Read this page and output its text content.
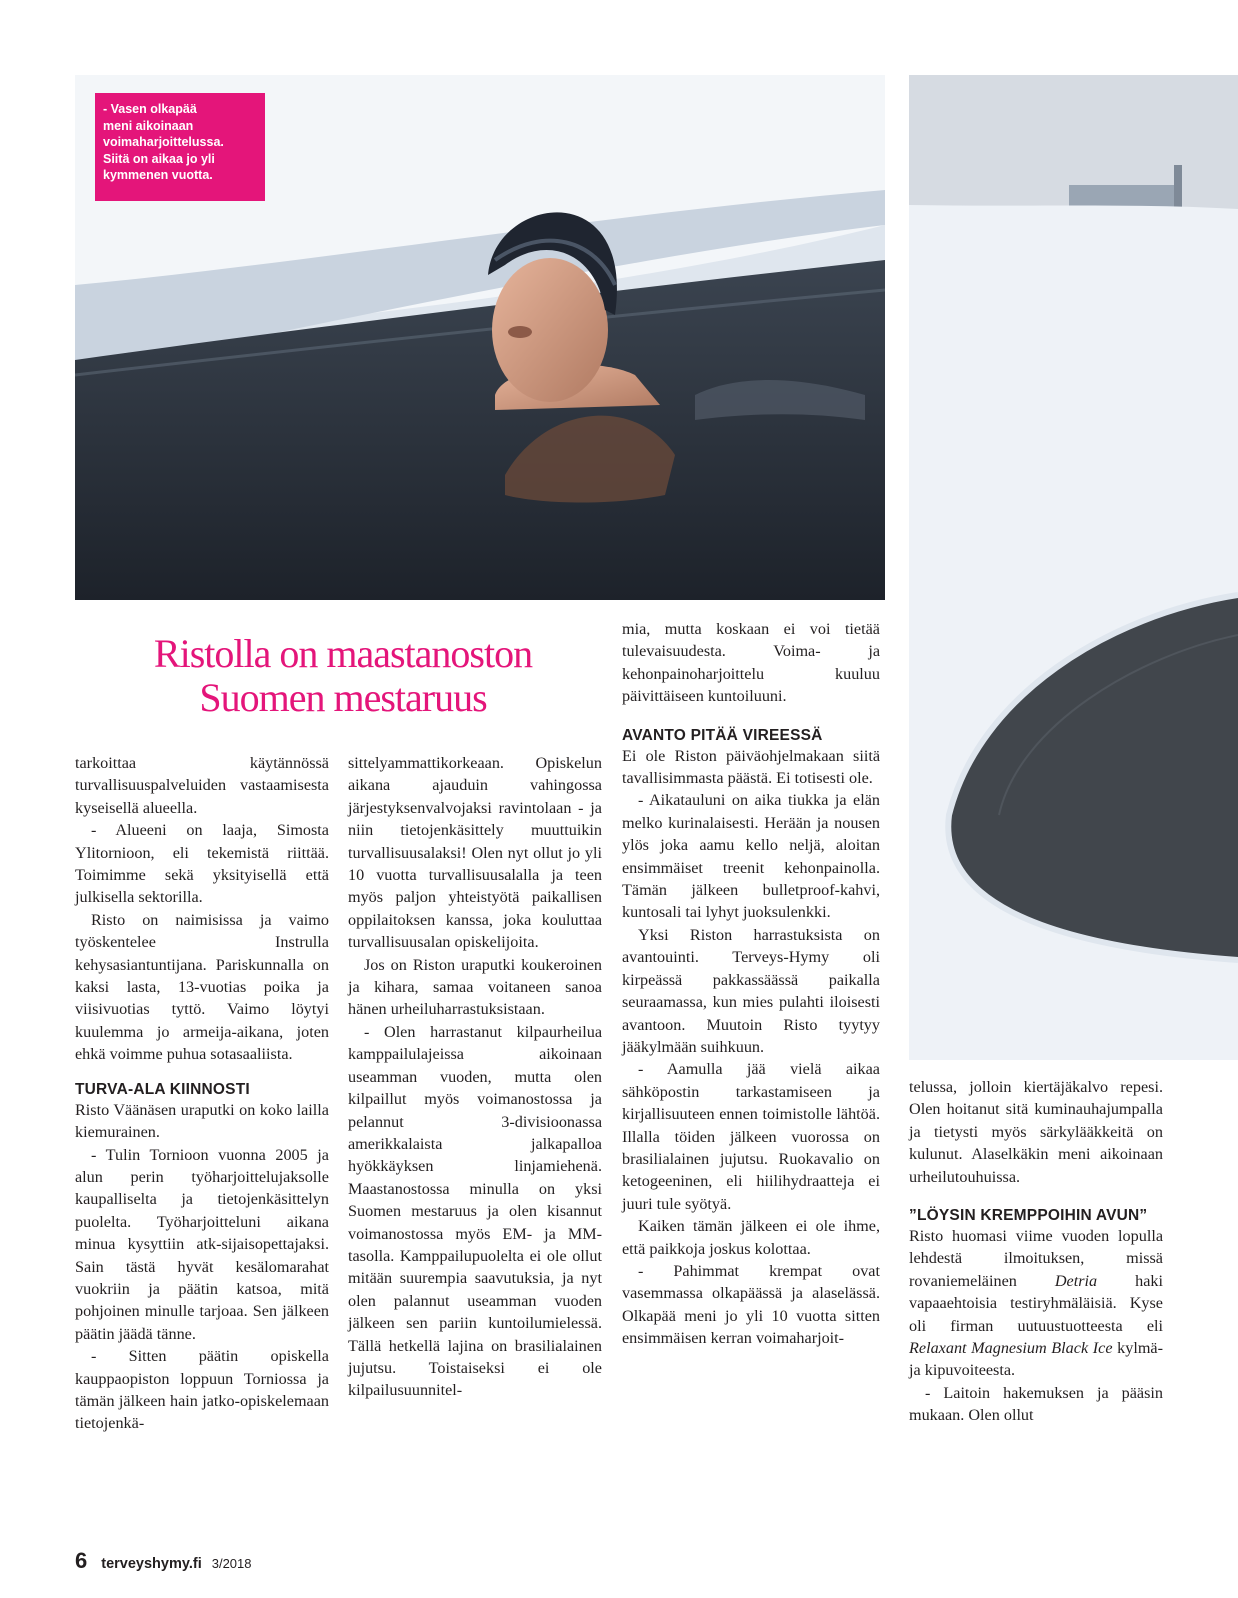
- Vasen olkapää
meni aikoinaan
voimaharjoittelussa.
Siitä on aikaa jo yli
kymmenen vuotta.
Ristolla on maastanoston
Suomen mestaruus

tarkoittaa käytännössä turvallisuuspalveluiden vastaamisesta kyseisellä alueella.

- Alueeni on laaja, Simosta Ylitornioon, eli tekemistä riittää. Toimimme sekä yksityisellä että julkisella sektorilla.

Risto on naimisissa ja vaimo työskentelee Instrulla kehysasiantuntijana. Pariskunnalla on kaksi lasta, 13-vuotias poika ja viisivuotias tyttö. Vaimo löytyi kuulemma jo armeija-aikana, joten ehkä voimme puhua sotasaaliista.

TURVA-ALA KIINNOSTI

Risto Väänäsen uraputki on koko lailla kiemurainen.

- Tulin Tornioon vuonna 2005 ja alun perin työharjoittelujaksolle kaupalliselta ja tietojenkäsittelyn puolelta. Työharjoitteluni aikana minua kysyttiin atk-sijaisopettajaksi. Sain tästä hyvät kesälomarahat vuokriin ja päätin katsoa, mitä pohjoinen minulle tarjoaa. Sen jälkeen päätin jäädä tänne.

- Sitten päätin opiskella kauppaopiston loppuun Torniossa ja tämän jälkeen hain jatko-opiskelemaan tietojenkä-

sittelyammattikorkeaan. Opiskelun aikana ajauduin vahingossa järjestyksenvalvojaksi ravintolaan - ja niin tietojenkäsittely muuttuikin turvallisuusalaksi! Olen nyt ollut jo yli 10 vuotta turvallisuusalalla ja teen myös paljon yhteistyötä paikallisen oppilaitoksen kanssa, joka kouluttaa turvallisuusalan opiskelijoita.

Jos on Riston uraputki koukeroinen ja kihara, samaa voitaneen sanoa hänen urheiluharrastuksistaan.

- Olen harrastanut kilpaurheilua kamppailulajeissa aikoinaan useamman vuoden, mutta olen kilpaillut myös voimanostossa ja pelannut 3-divisioonassa amerikkalaista jalkapalloa hyökkäyksen linjamiehenä. Maastanostossa minulla on yksi Suomen mestaruus ja olen kisannut voimanostossa myös EM- ja MM-tasolla. Kamppailupuolelta ei ole ollut mitään suurempia saavutuksia, ja nyt olen palannut useamman vuoden jälkeen sen pariin kuntoilumielessä. Tällä hetkellä lajina on brasilialainen jujutsu. Toistaiseksi ei ole kilpailusuunnitel-

mia, mutta koskaan ei voi tietää tulevaisuudesta. Voima- ja kehonpainoharjoittelu kuuluu päivittäiseen kuntoiluuni.

AVANTO PITÄÄ VIREESSÄ

Ei ole Riston päiväohjelmakaan siitä tavallisimmasta päästä. Ei totisesti ole.

- Aikatauluni on aika tiukka ja elän melko kurinalaisesti. Herään ja nousen ylös joka aamu kello neljä, aloitan ensimmäiset treenit kehonpainolla. Tämän jälkeen bulletproof-kahvi, kuntosali tai lyhyt juoksulenkki.

Yksi Riston harrastuksista on avantouinti. Terveys-Hymy oli kirpeässä pakkassäässä paikalla seuraamassa, kun mies pulahti iloisesti avantoon. Muutoin Risto tyytyy jääkylmään suihkuun.

- Aamulla jää vielä aikaa sähköpostin tarkastamiseen ja kirjallisuuteen ennen toimistolle lähtöä. Illalla töiden jälkeen vuorossa on brasilialainen jujutsu. Ruokavalio on ketogeeninen, eli hiilihydraatteja ei juuri tule syötyä.

Kaiken tämän jälkeen ei ole ihme, että paikkoja joskus kolottaa.

- Pahimmat krempat ovat vasemmassa olkapäässä ja alaselässä. Olkapää meni jo yli 10 vuotta sitten ensimmäisen kerran voimaharjoit-

telussa, jolloin kiertäjäkalvo repesi. Olen hoitanut sitä kuminauhajumpalla ja tietysti myös särkylääkkeitä on kulunut. Alaselkäkin meni aikoinaan urheilutouhuissa.

”LÖYSIN KREMPPOIHIN AVUN”

Risto huomasi viime vuoden lopulla lehdestä ilmoituksen, missä rovaniemeläinen Detria haki vapaaehtoisia testiryhmäläisiä. Kyse oli firman uutuustuotteesta eli Relaxant Magnesium Black Ice kylmä- ja kipuvoiteesta.

- Laitoin hakemuksen ja pääsin mukaan. Olen ollut

6 terveyshymy.fi 3/2018
